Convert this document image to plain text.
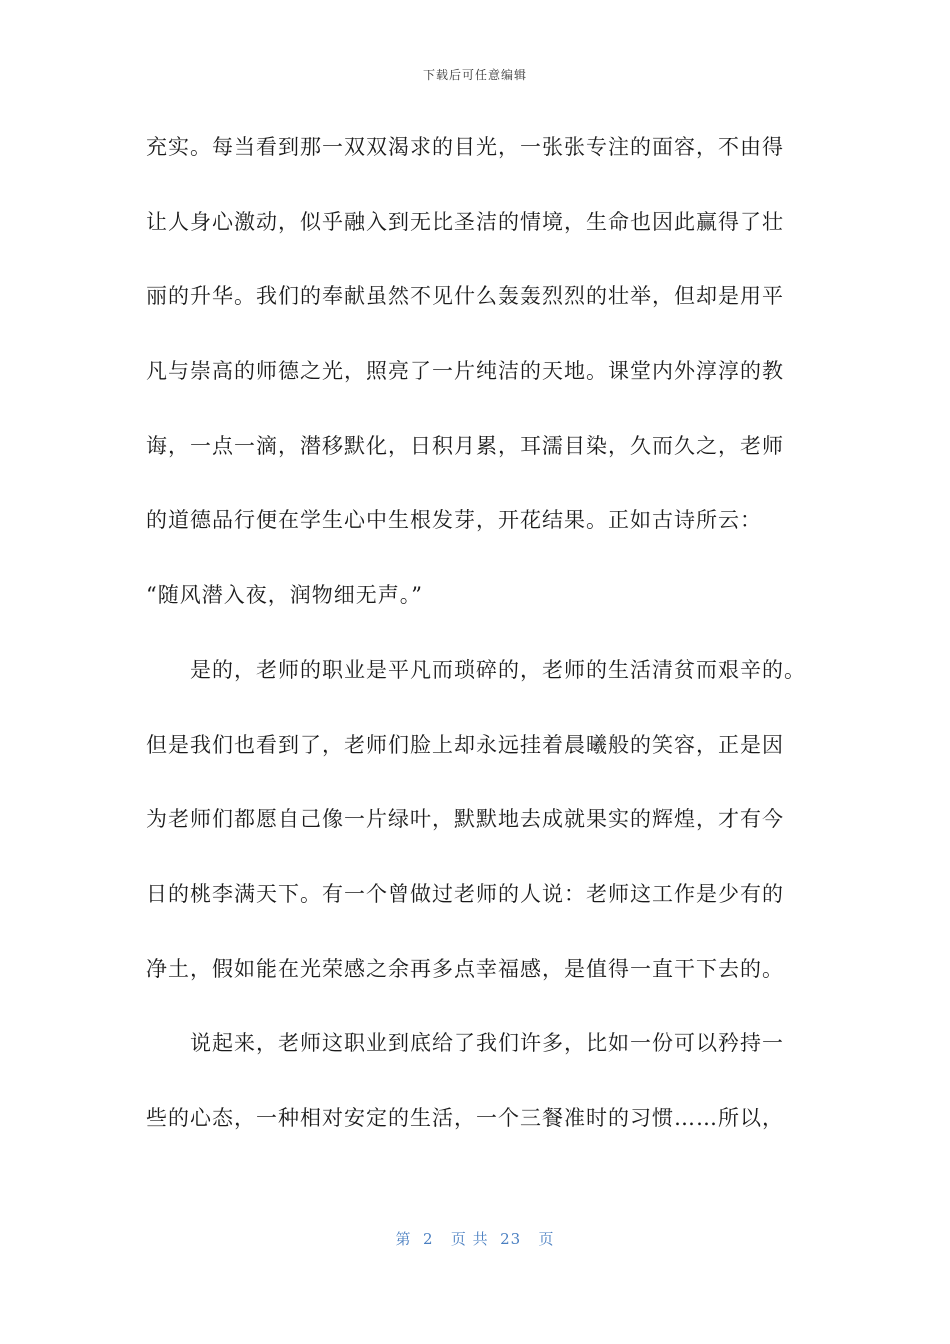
下载后可任意编辑
充实。每当看到那一双双渴求的目光，一张张专注的面容，不由得
让人身心激动，似乎融入到无比圣洁的情境，生命也因此赢得了壮
丽的升华。我们的奉献虽然不见什么轰轰烈烈的壮举，但却是用平
凡与崇高的师德之光，照亮了一片纯洁的天地。课堂内外淳淳的教
诲，一点一滴，潜移默化，日积月累，耳濡目染，久而久之，老师
的道德品行便在学生心中生根发芽，开花结果。正如古诗所云：
“随风潜入夜，润物细无声。”
是的，老师的职业是平凡而琐碎的，老师的生活清贫而艰辛的。
但是我们也看到了，老师们脸上却永远挂着晨曦般的笑容，正是因
为老师们都愿自己像一片绿叶，默默地去成就果实的辉煌，才有今
日的桃李满天下。有一个曾做过老师的人说：老师这工作是少有的
净土，假如能在光荣感之余再多点幸福感，是值得一直干下去的。
说起来，老师这职业到底给了我们许多，比如一份可以矜持一
些的心态，一种相对安定的生活，一个三餐准时的习惯……所以，
第  2   页 共  23   页
